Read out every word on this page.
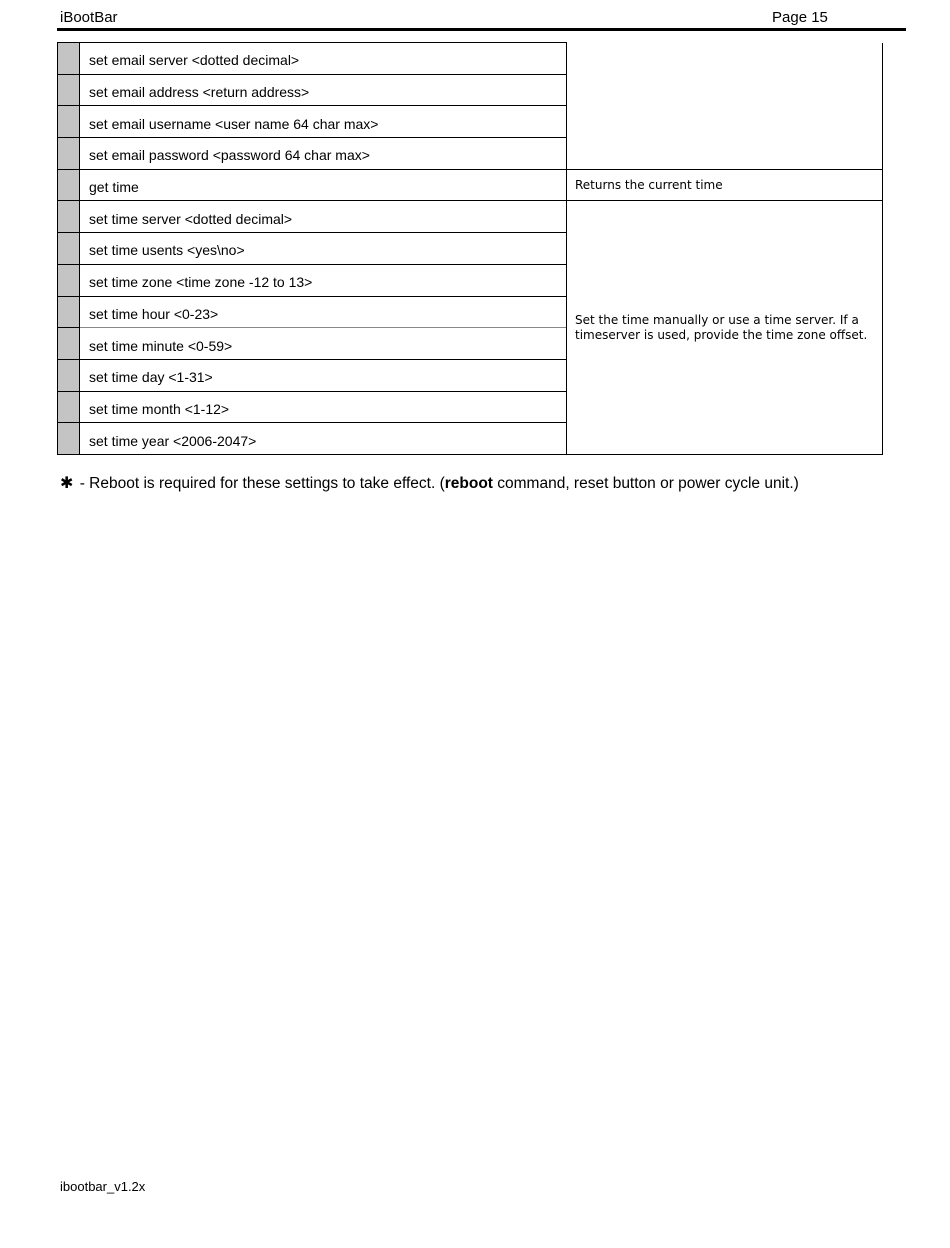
iBootBar	Page 15
	set email server <dotted decimal>	
	set email address <return address>	
	set email username <user name 64 char max>	
	set email password <password 64 char max>	
	get time	Returns the current time
	set time server <dotted decimal>	Set the time manually or use a time server. If a timeserver is used, provide the time zone offset.
	set time usents <yes\no>	
	set time zone <time zone -12 to 13>	
	set time hour <0-23>	
	set time minute <0-59>	
	set time day <1-31>	
	set time month <1-12>	
	set time year <2006-2047>	
✱ - Reboot is required for these settings to take effect. (reboot command, reset button or power cycle unit.)
ibootbar_v1.2x
